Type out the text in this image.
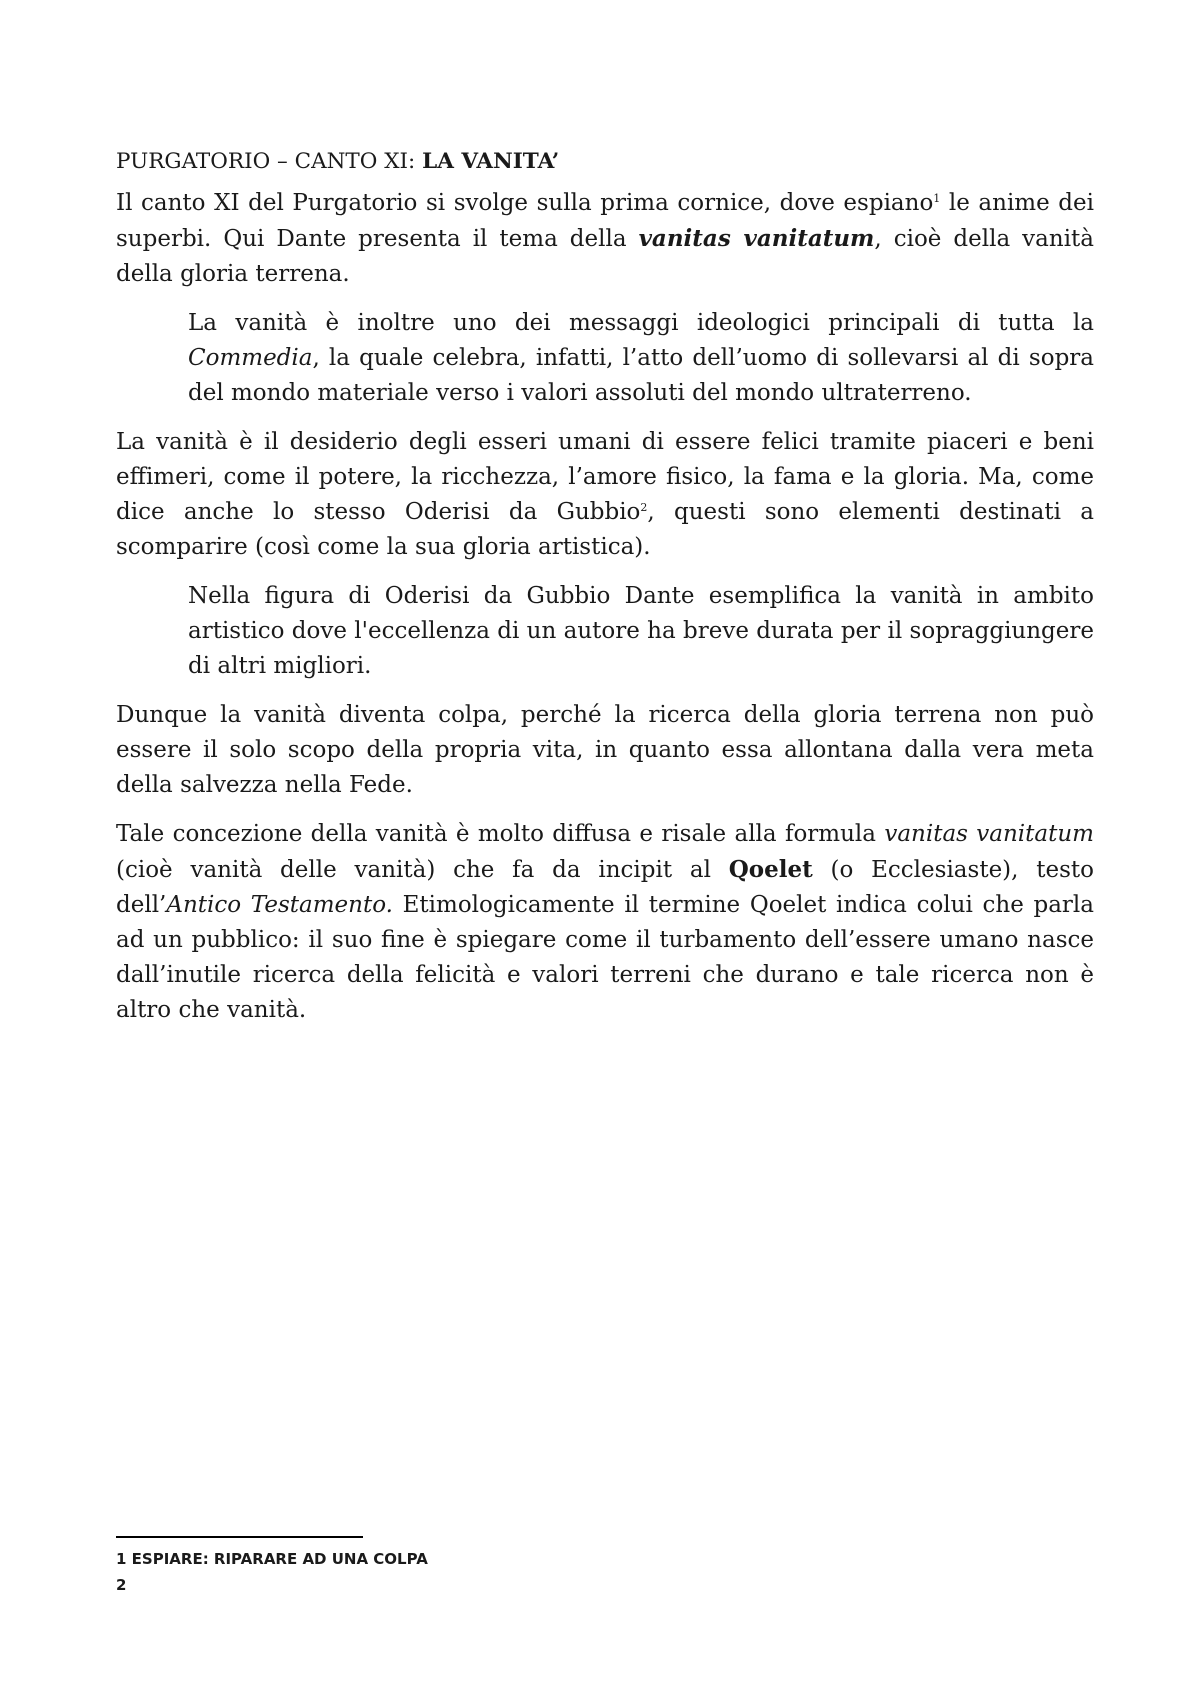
PURGATORIO – CANTO XI: LA VANITA’

Il canto XI del Purgatorio si svolge sulla prima cornice, dove espiano$^1$ le anime dei superbi. Qui Dante presenta il tema della vanitas vanitatum, cioè della vanità della gloria terrena.

La vanità è inoltre uno dei messaggi ideologici principali di tutta la Commedia, la quale celebra, infatti, l’atto dell’uomo di sollevarsi al di sopra del mondo materiale verso i valori assoluti del mondo ultraterreno.

La vanità è il desiderio degli esseri umani di essere felici tramite piaceri e beni effimeri, come il potere, la ricchezza, l’amore fisico, la fama e la gloria. Ma, come dice anche lo stesso Oderisi da Gubbio$^2$, questi sono elementi destinati a scomparire (così come la sua gloria artistica).

Nella figura di Oderisi da Gubbio Dante esemplifica la vanità in ambito artistico dove l'eccellenza di un autore ha breve durata per il sopraggiungere di altri migliori.

Dunque la vanità diventa colpa, perché la ricerca della gloria terrena non può essere il solo scopo della propria vita, in quanto essa allontana dalla vera meta della salvezza nella Fede.

Tale concezione della vanità è molto diffusa e risale alla formula vanitas vanitatum (cioè vanità delle vanità) che fa da incipit al Qoelet (o Ecclesiaste), testo dell’Antico Testamento. Etimologicamente il termine Qoelet indica colui che parla ad un pubblico: il suo fine è spiegare come il turbamento dell’essere umano nasce dall’inutile ricerca della felicità e valori terreni che durano e tale ricerca non è altro che vanità.

1 ESPIARE: RIPARARE AD UNA COLPA

2
